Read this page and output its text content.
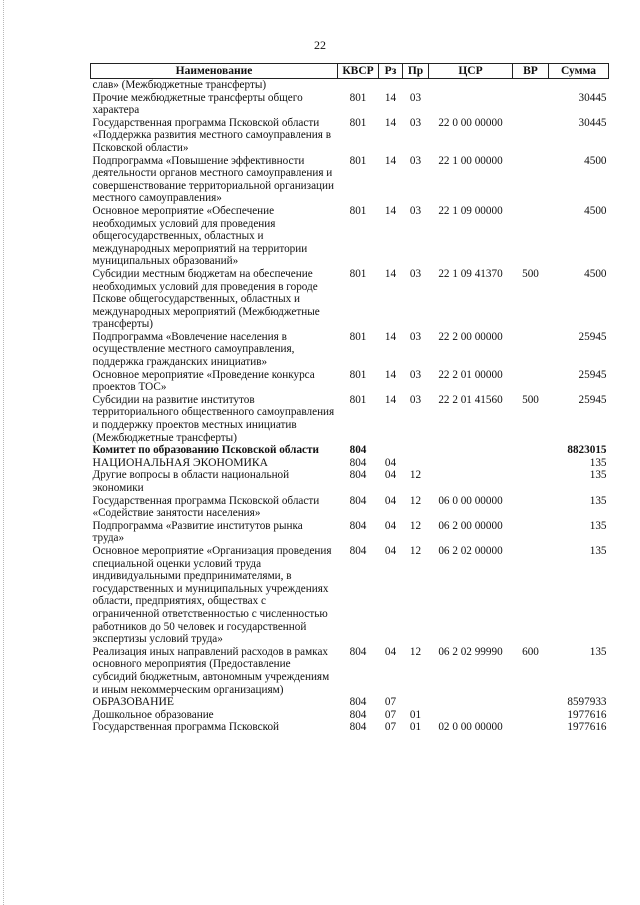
22
Наименование	КВСР	Рз	Пр	ЦСР	ВР	Сумма
слав» (Межбюджетные трансферты)						
Прочие межбюджетные трансферты общего характера	801	14	03			30445
Государственная программа Псковской области «Поддержка развития местного самоуправления в Псковской области»	801	14	03	22 0 00 00000		30445
Подпрограмма «Повышение эффективности деятельности органов местного самоуправления и совершенствование территориальной организации местного самоуправления»	801	14	03	22 1 00 00000		4500
Основное мероприятие «Обеспечение необходимых условий для проведения общегосударственных, областных и международных мероприятий на территории муниципальных образований»	801	14	03	22 1 09 00000		4500
Субсидии местным бюджетам на обеспечение необходимых условий для проведения в городе Пскове общегосударственных, областных и международных мероприятий (Межбюджетные трансферты)	801	14	03	22 1 09 41370	500	4500
Подпрограмма «Вовлечение населения в осуществление местного самоуправления, поддержка гражданских инициатив»	801	14	03	22 2 00 00000		25945
Основное мероприятие «Проведение конкурса проектов ТОС»	801	14	03	22 2 01 00000		25945
Субсидии на развитие институтов территориального общественного самоуправления и поддержку проектов местных инициатив (Межбюджетные трансферты)	801	14	03	22 2 01 41560	500	25945
Комитет по образованию Псковской области	804					8823015
НАЦИОНАЛЬНАЯ ЭКОНОМИКА	804	04				135
Другие вопросы в области национальной экономики	804	04	12			135
Государственная программа Псковской области «Содействие занятости населения»	804	04	12	06 0 00 00000		135
Подпрограмма «Развитие институтов рынка труда»	804	04	12	06 2 00 00000		135
Основное мероприятие «Организация проведения специальной оценки условий труда индивидуальными предпринимателями, в государственных и муниципальных учреждениях области, предприятиях, обществах с ограниченной ответственностью с численностью работников до 50 человек и государственной экспертизы условий труда»	804	04	12	06 2 02 00000		135
Реализация иных направлений расходов в рамках основного мероприятия (Предоставление субсидий бюджетным, автономным учреждениям и иным некоммерческим организациям)	804	04	12	06 2 02 99990	600	135
ОБРАЗОВАНИЕ	804	07				8597933
Дошкольное образование	804	07	01			1977616
Государственная программа Псковской	804	07	01	02 0 00 00000		1977616
